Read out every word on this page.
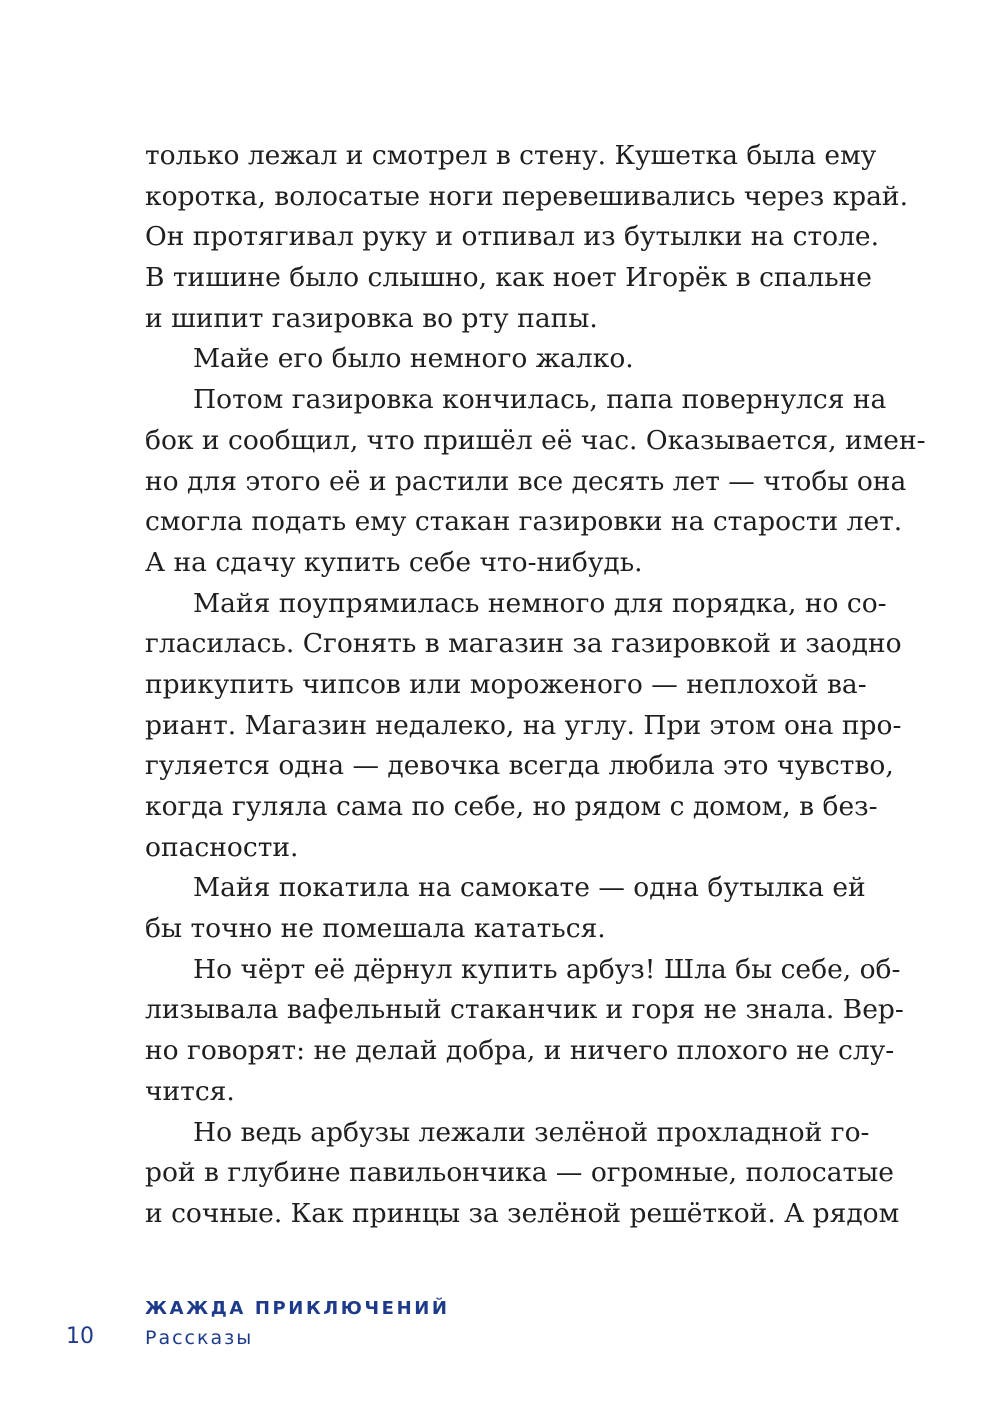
только лежал и смотрел в стену. Кушетка была ему
коротка, волосатые ноги перевешивались через край.
Он протягивал руку и отпивал из бутылки на столе.
В тишине было слышно, как ноет Игорёк в спальне
и шипит газировка во рту папы.
Майе его было немного жалко.
Потом газировка кончилась, папа повернулся на
бок и сообщил, что пришёл её час. Оказывается, имен-
но для этого её и растили все десять лет — чтобы она
смогла подать ему стакан газировки на старости лет.
А на сдачу купить себе что-нибудь.
Майя поупрямилась немного для порядка, но со-
гласилась. Сгонять в магазин за газировкой и заодно
прикупить чипсов или мороженого — неплохой ва-
риант. Магазин недалеко, на углу. При этом она про-
гуляется одна — девочка всегда любила это чувство,
когда гуляла сама по себе, но рядом с домом, в без-
опасности.
Майя покатила на самокате — одна бутылка ей
бы точно не помешала кататься.
Но чёрт её дёрнул купить арбуз! Шла бы себе, об-
лизывала вафельный стаканчик и горя не знала. Вер-
но говорят: не делай добра, и ничего плохого не слу-
чится.
Но ведь арбузы лежали зелёной прохладной го-
рой в глубине павильончика — огромные, полосатые
и сочные. Как принцы за зелёной решёткой. А рядом
ЖАЖДА ПРИКЛЮЧЕНИЙ
10	Рассказы
